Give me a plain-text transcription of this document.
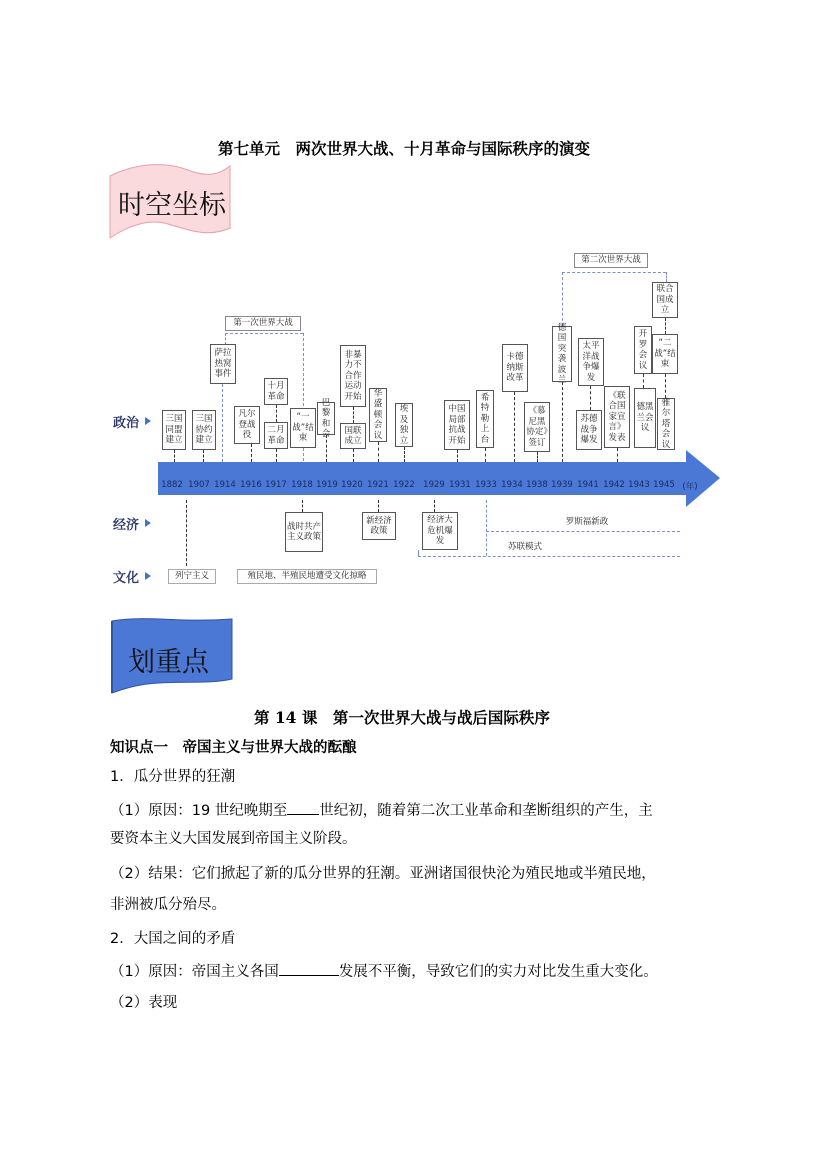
第七单元　两次世界大战、十月革命与国际秩序的演变
时空坐标
政治
经济
文化
1882 1907 1914 1916 1917 1918 1919 1920 1921 1922 1929 1931 1933 1934 1938 1939 1941 1942 1943 1945 (年)
第一次世界大战
第二次世界大战
三国同盟建立
三国协约建立
萨拉热窝事件
凡尔登战役
十月革命
二月革命
“一战”结束
巴黎和会
非暴力不合作运动开始
国联成立
华盛顿会议
埃及独立
中国局部抗战开始
希特勒上台
卡德纳斯改革
《慕尼黑协定》签订
德国突袭波兰
太平洋战争爆发
苏德战争爆发
《联合国家宣言》发表
开罗会议
德黑兰会议
联合国成立
“二战”结束
雅尔塔会议
战时共产主义政策
新经济政策
经济大危机爆发
罗斯福新政
苏联模式
列宁主义	殖民地、半殖民地遭受文化掠略
划重点
第 14 课　第一次世界大战与战后国际秩序
知识点一　帝国主义与世界大战的酝酿
1．瓜分世界的狂潮
（1）原因：19 世纪晚期至 世纪初，随着第二次工业革命和垄断组织的产生，主
要资本主义大国发展到帝国主义阶段。
（2）结果：它们掀起了新的瓜分世界的狂潮。亚洲诸国很快沦为殖民地或半殖民地，
非洲被瓜分殆尽。
2．大国之间的矛盾
（1）原因：帝国主义各国	发展不平衡，导致它们的实力对比发生重大变化。
（2）表现
